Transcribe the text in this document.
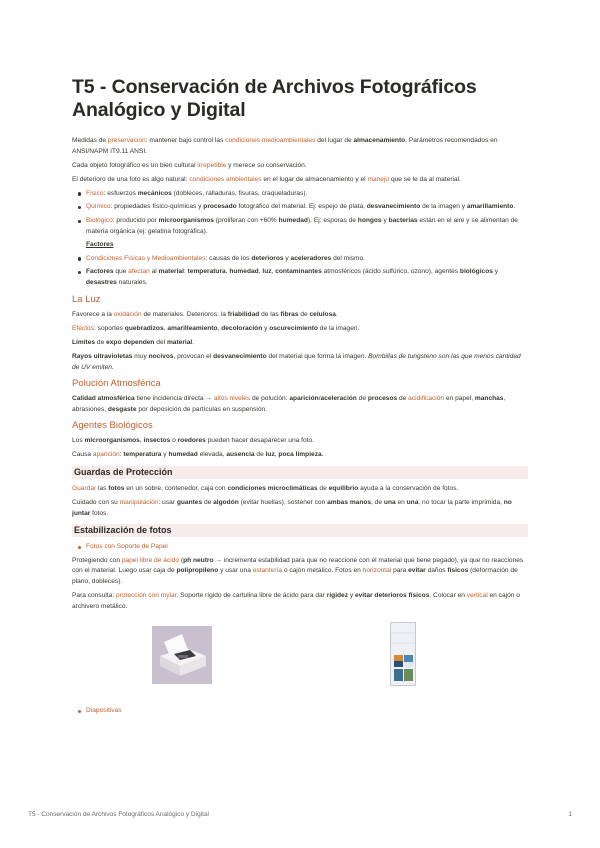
T5 - Conservación de Archivos Fotográficos Analógico y Digital

Medidas de preservación: mantener bajo control las condiciones medioambientales del lugar de almacenamiento. Parámetros recomendados en ANSI/NAPM IT9.11 ANSI.

Cada objeto fotográfico es un bien cultural irrepetible y merece su conservación.

El deterioro de una foto es algo natural: condiciones ambientales en el lugar de almacenamiento y el manejo que se le da al material.

Físico: esfuerzos mecánicos (dobleces, ralladuras, fisuras, craqueladuras).
Químico: propiedades físico-químicas y procesado fotográfico del material. Ej: espejo de plata, desvanecimiento de la imagen y amarillamiento.
Biológico: producido por microorganismos (proliferan con +60% humedad). Ej: esporas de hongos y bacterias están en el aire y se alimentan de materia orgánica (ej: gelatina fotográfica).
Factores
Condiciones Físicas y Medioambientales: causas de los deterioros y aceleradores del mismo.
Factores que afectan al material: temperatura, humedad, luz, contaminantes atmosféricos (ácido sulfúrico, ozono), agentes biológicos y desastres naturales.
La Luz

Favorece a la oxidación de materiales. Deterioros: la friabilidad de las fibras de celulosa.

Efectos: soportes quebradizos, amarilleamiento, decoloración y oscurecimiento de la imagen.

Límites de expo dependen del material.

Rayos ultravioletas muy nocivos, provocan el desvanecimiento del material que forma la imagen. Bombillas de tungsteno son las que menos cantidad de UV emiten.

Polución Atmosférica

Calidad atmosférica tiene incidencia directa → altos niveles de polución: aparición/aceleración de procesos de acidificación en papel, manchas, abrasiones, desgaste por deposición de partículas en suspensión.

Agentes Biológicos

Los microorganismos, insectos o roedores pueden hacer desaparecer una foto.

Causa aparición: temperatura y humedad elevada, ausencia de luz, poca limpieza.

Guardas de Protección

Guardar las fotos en un sobre, contenedor, caja con condiciones microclimáticas de equilibrio ayuda a la conservación de fotos.

Cuidado con su manipulación: usar guantes de algodón (evitar huellas), sostener con ambas manos, de una en una, no tocar la parte imprimida, no juntar fotos.

Estabilización de fotos
Fotos con Soporte de Papel

Protegiendo con papel libre de ácido (ph neutro → incrementa estabilidad para que no reaccione con el material que tiene pegado), ya que no reacciones con el material. Luego usar caja de polipropileno y usar una estantería o cajón metálico. Fotos en horizontal para evitar daños físicos (deformación de plano, dobleces).

Para consulta: protección con mylar. Soporte rígido de cartulina libre de ácido para dar rigidez y evitar deterioros físicos. Colocar en vertical en cajón o archivero metálico.

Diapositivas
T5 - Conservación de Archivos Fotográficos Analógico y Digital	1
